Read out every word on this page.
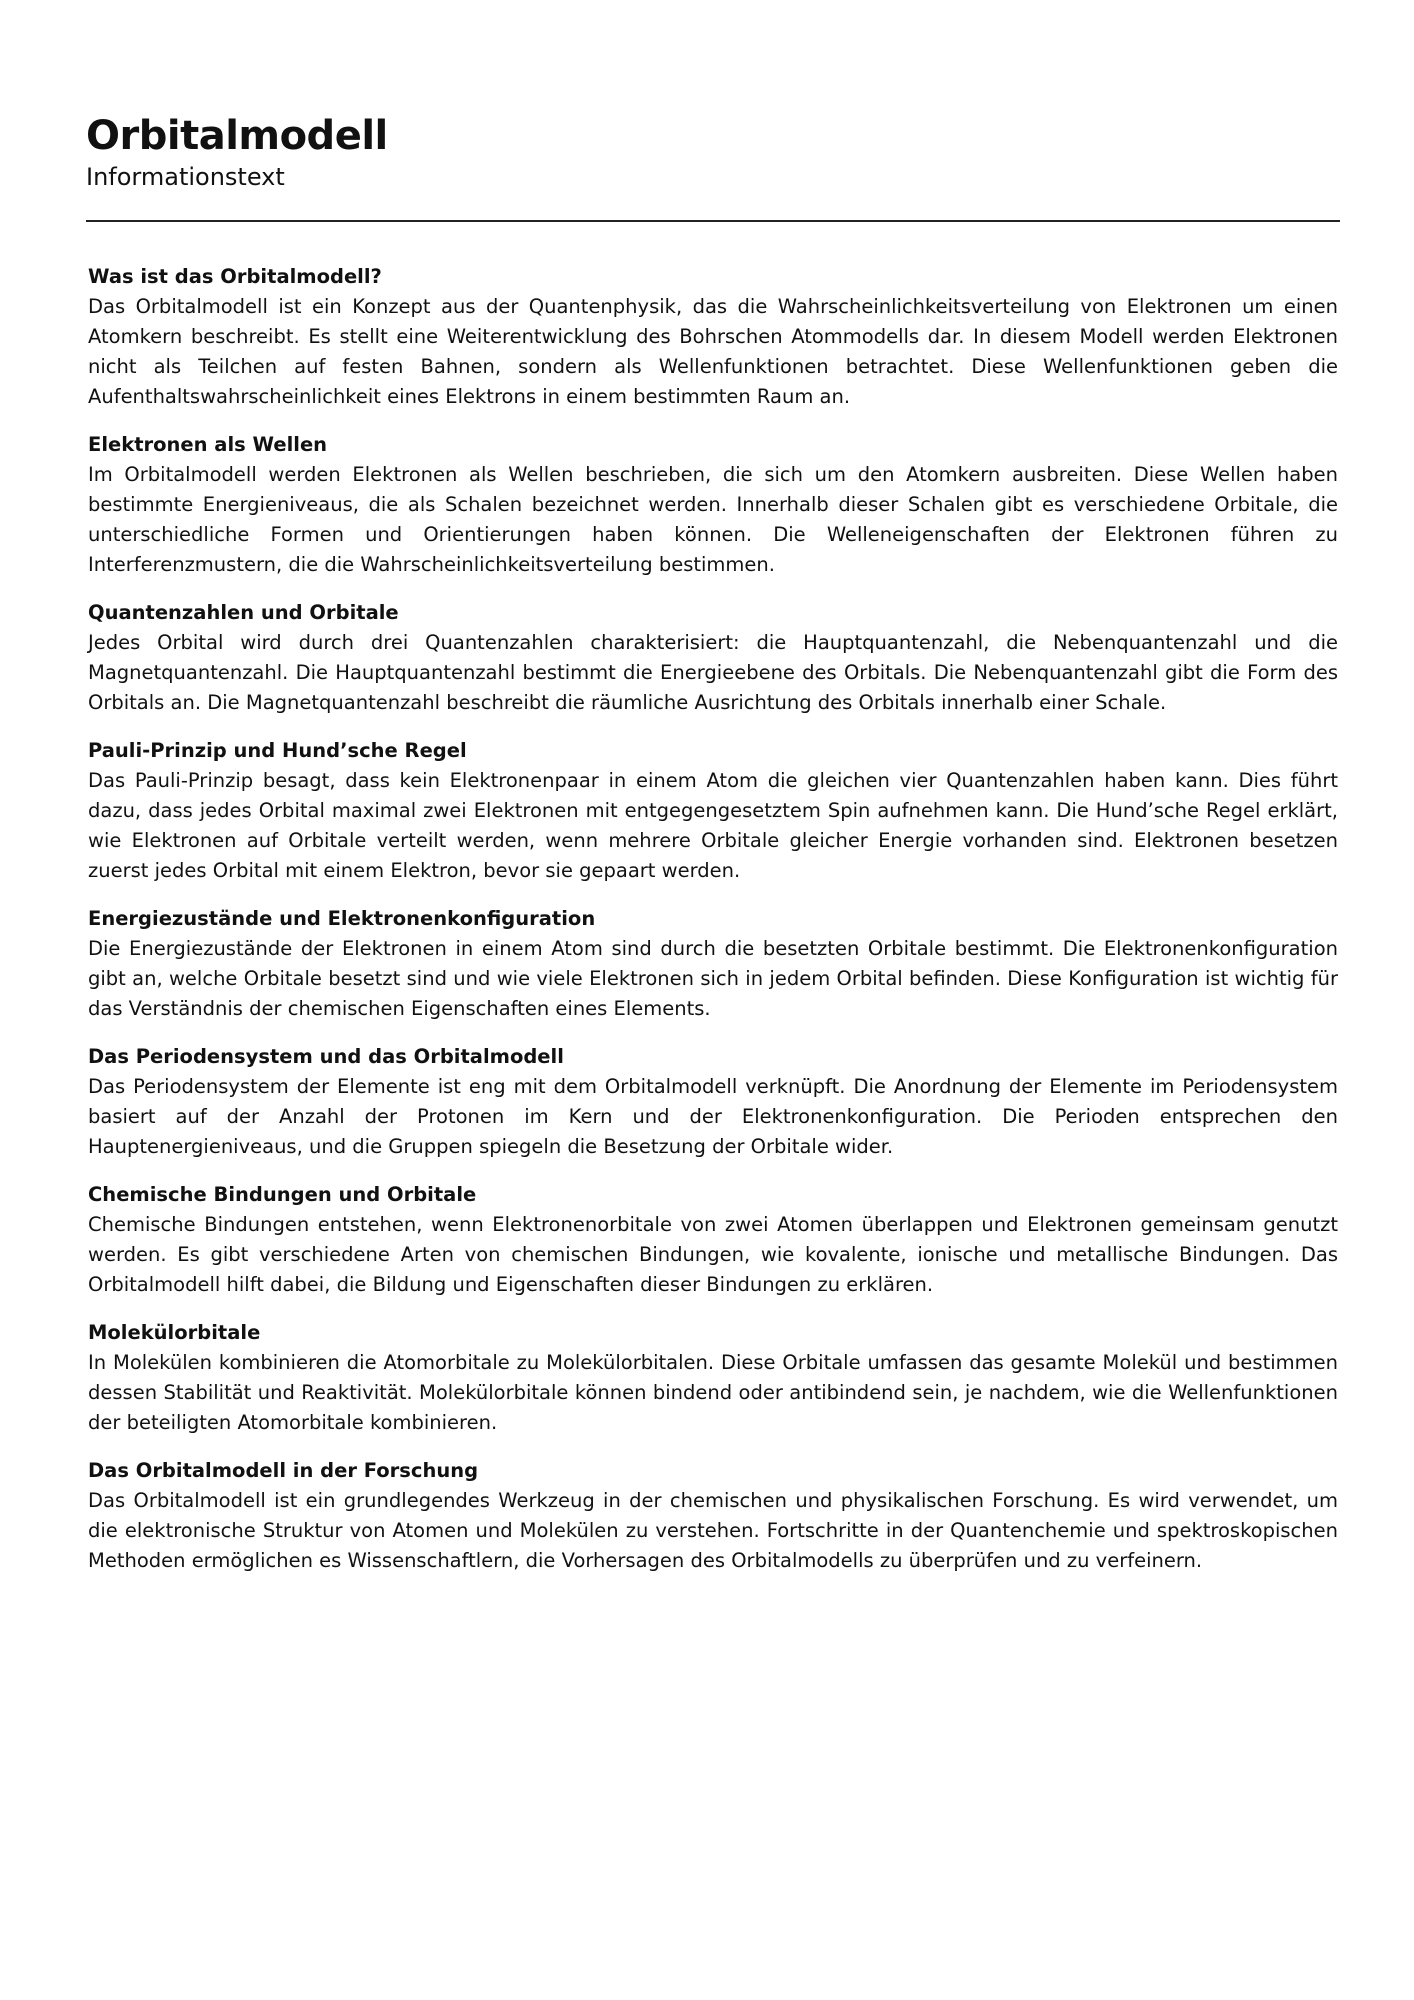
Orbitalmodell
Informationstext
Was ist das Orbitalmodell?

Das Orbitalmodell ist ein Konzept aus der Quantenphysik, das die Wahrscheinlichkeitsverteilung von Elektronen um einen Atomkern beschreibt. Es stellt eine Weiterentwicklung des Bohrschen Atommodells dar. In diesem Modell werden Elektronen nicht als Teilchen auf festen Bahnen, sondern als Wellenfunktionen betrachtet. Diese Wellenfunktionen geben die Aufenthaltswahrscheinlichkeit eines Elektrons in einem bestimmten Raum an.

Elektronen als Wellen

Im Orbitalmodell werden Elektronen als Wellen beschrieben, die sich um den Atomkern ausbreiten. Diese Wellen haben bestimmte Energieniveaus, die als Schalen bezeichnet werden. Innerhalb dieser Schalen gibt es verschiedene Orbitale, die unterschiedliche Formen und Orientierungen haben können. Die Welleneigenschaften der Elektronen führen zu Interferenzmustern, die die Wahrscheinlichkeitsverteilung bestimmen.

Quantenzahlen und Orbitale

Jedes Orbital wird durch drei Quantenzahlen charakterisiert: die Hauptquantenzahl, die Nebenquantenzahl und die Magnetquantenzahl. Die Hauptquantenzahl bestimmt die Energieebene des Orbitals. Die Nebenquantenzahl gibt die Form des Orbitals an. Die Magnetquantenzahl beschreibt die räumliche Ausrichtung des Orbitals innerhalb einer Schale.

Pauli-Prinzip und Hund’sche Regel

Das Pauli-Prinzip besagt, dass kein Elektronenpaar in einem Atom die gleichen vier Quantenzahlen haben kann. Dies führt dazu, dass jedes Orbital maximal zwei Elektronen mit entgegengesetztem Spin aufnehmen kann. Die Hund’sche Regel erklärt, wie Elektronen auf Orbitale verteilt werden, wenn mehrere Orbitale gleicher Energie vorhanden sind. Elektronen besetzen zuerst jedes Orbital mit einem Elektron, bevor sie gepaart werden.

Energiezustände und Elektronenkonfiguration

Die Energiezustände der Elektronen in einem Atom sind durch die besetzten Orbitale bestimmt. Die Elektronenkonfiguration gibt an, welche Orbitale besetzt sind und wie viele Elektronen sich in jedem Orbital befinden. Diese Konfiguration ist wichtig für das Verständnis der chemischen Eigenschaften eines Elements.

Das Periodensystem und das Orbitalmodell

Das Periodensystem der Elemente ist eng mit dem Orbitalmodell verknüpft. Die Anordnung der Elemente im Periodensystem basiert auf der Anzahl der Protonen im Kern und der Elektronenkonfiguration. Die Perioden entsprechen den Hauptenergieniveaus, und die Gruppen spiegeln die Besetzung der Orbitale wider.

Chemische Bindungen und Orbitale

Chemische Bindungen entstehen, wenn Elektronenorbitale von zwei Atomen überlappen und Elektronen gemeinsam genutzt werden. Es gibt verschiedene Arten von chemischen Bindungen, wie kovalente, ionische und metallische Bindungen. Das Orbitalmodell hilft dabei, die Bildung und Eigenschaften dieser Bindungen zu erklären.

Molekülorbitale

In Molekülen kombinieren die Atomorbitale zu Molekülorbitalen. Diese Orbitale umfassen das gesamte Molekül und bestimmen dessen Stabilität und Reaktivität. Molekülorbitale können bindend oder antibindend sein, je nachdem, wie die Wellenfunktionen der beteiligten Atomorbitale kombinieren.

Das Orbitalmodell in der Forschung

Das Orbitalmodell ist ein grundlegendes Werkzeug in der chemischen und physikalischen Forschung. Es wird verwendet, um die elektronische Struktur von Atomen und Molekülen zu verstehen. Fortschritte in der Quantenchemie und spektroskopischen Methoden ermöglichen es Wissenschaftlern, die Vorhersagen des Orbitalmodells zu überprüfen und zu verfeinern.
